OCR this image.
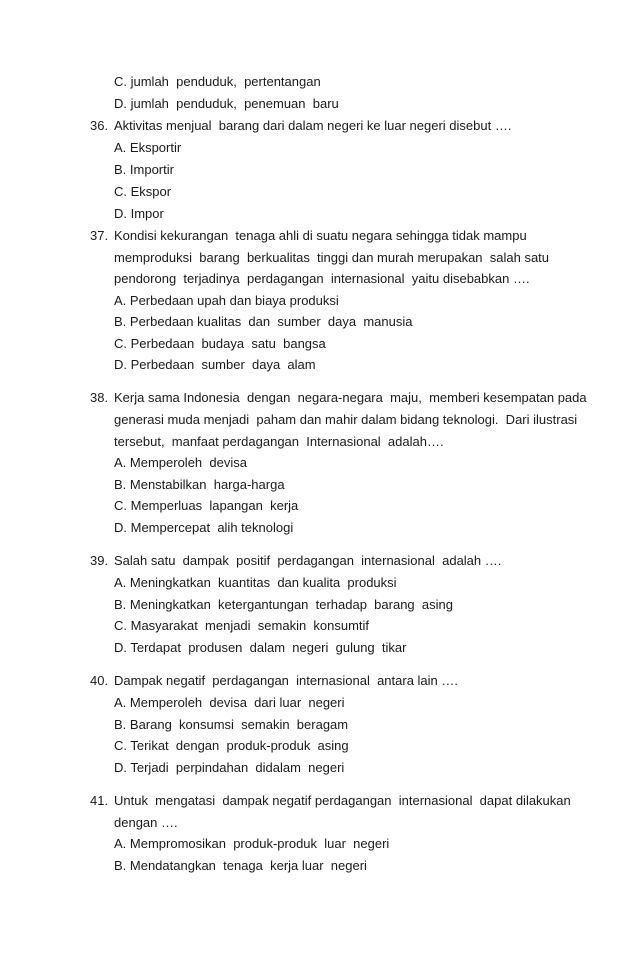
C. jumlah  penduduk,  pertentangan
D. jumlah  penduduk,  penemuan  baru
36. Aktivitas menjual  barang dari dalam negeri ke luar negeri disebut ….
A. Eksportir
B. Importir
C. Ekspor
D. Impor
37. Kondisi kekurangan  tenaga ahli di suatu negara sehingga tidak mampu
memproduksi  barang  berkualitas  tinggi dan murah merupakan  salah satu
pendorong  terjadinya  perdagangan  internasional  yaitu disebabkan ….
A. Perbedaan upah dan biaya produksi
B. Perbedaan kualitas  dan  sumber  daya  manusia
C. Perbedaan  budaya  satu  bangsa
D. Perbedaan  sumber  daya  alam
38. Kerja sama Indonesia  dengan  negara-negara  maju,  memberi kesempatan pada
generasi muda menjadi  paham dan mahir dalam bidang teknologi.  Dari ilustrasi
tersebut,  manfaat perdagangan  Internasional  adalah….
A. Memperoleh  devisa
B. Menstabilkan  harga-harga
C. Memperluas  lapangan  kerja
D. Mempercepat  alih teknologi
39. Salah satu  dampak  positif  perdagangan  internasional  adalah ….
A. Meningkatkan  kuantitas  dan kualita  produksi
B. Meningkatkan  ketergantungan  terhadap  barang  asing
C. Masyarakat  menjadi  semakin  konsumtif
D. Terdapat  produsen  dalam  negeri  gulung  tikar
40. Dampak negatif  perdagangan  internasional  antara lain ….
A. Memperoleh  devisa  dari luar  negeri
B. Barang  konsumsi  semakin  beragam
C. Terikat  dengan  produk-produk  asing
D. Terjadi  perpindahan  didalam  negeri
41. Untuk  mengatasi  dampak negatif perdagangan  internasional  dapat dilakukan
dengan ….
A. Mempromosikan  produk-produk  luar  negeri
B. Mendatangkan  tenaga  kerja luar  negeri
